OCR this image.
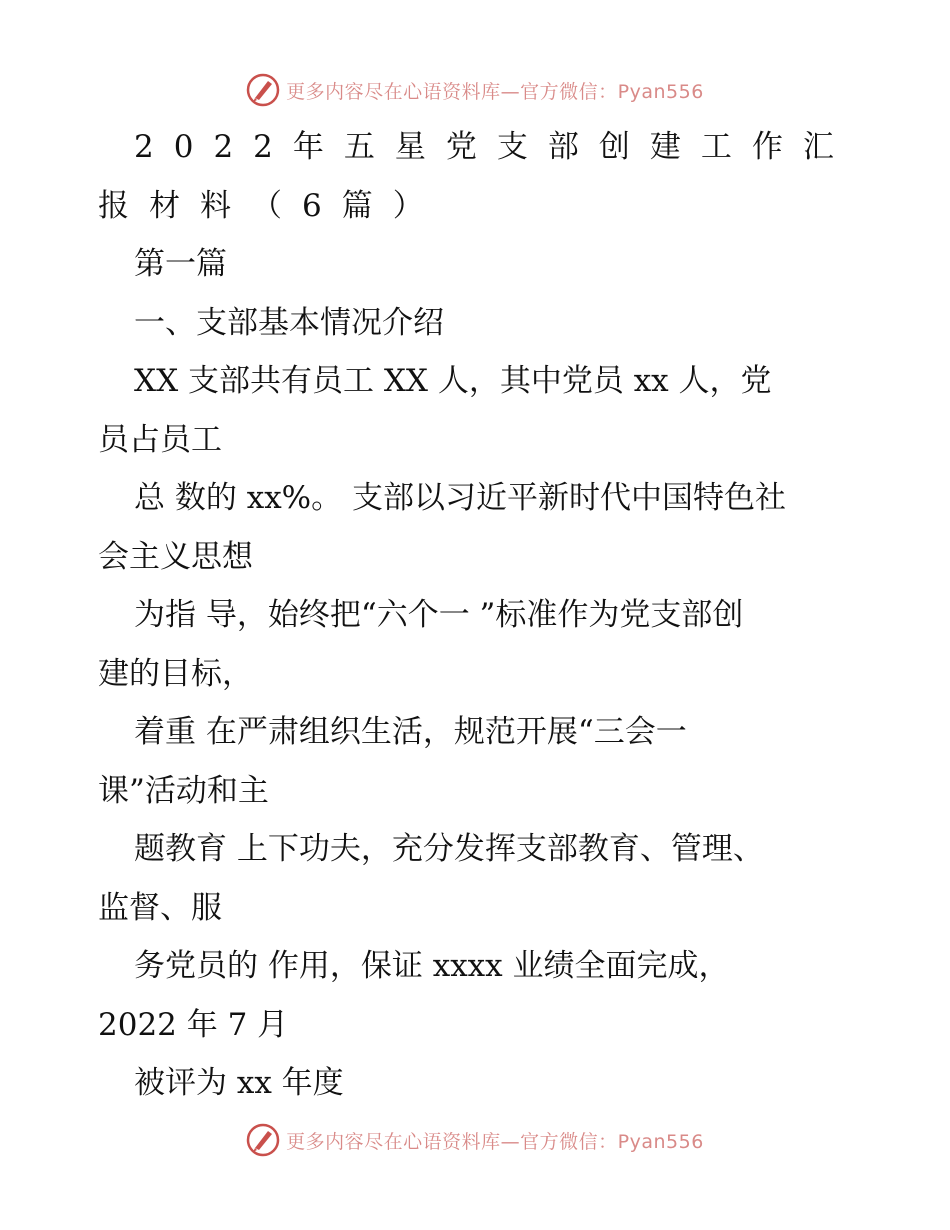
更多内容尽在心语资料库—官方微信：Pyan556
2022年五星党支部创建工作汇
报材料（6篇）
第一篇
一、支部基本情况介绍
XX 支部共有员工 XX 人，其中党员 xx 人，党
员占员工
总 数的 xx%。 支部以习近平新时代中国特色社
会主义思想
为指 导，始终把“六个一 ”标准作为党支部创
建的目标，
着重 在严肃组织生活，规范开展“三会一
课”活动和主
题教育 上下功夫，充分发挥支部教育、管理、
监督、服
务党员的 作用，保证 xxxx 业绩全面完成，
2022 年 7 月
被评为 xx 年度
更多内容尽在心语资料库—官方微信：Pyan556
